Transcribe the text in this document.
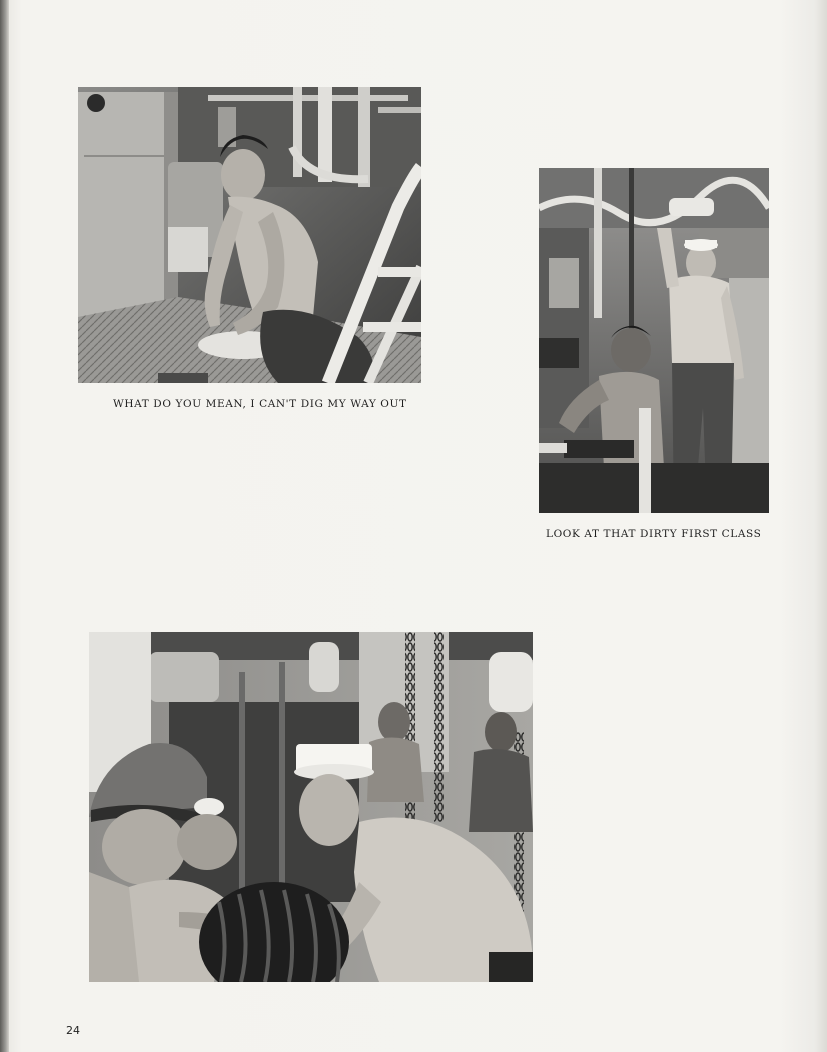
WHAT DO YOU MEAN, I CAN'T DIG MY WAY OUT
LOOK AT THAT DIRTY FIRST CLASS
24
